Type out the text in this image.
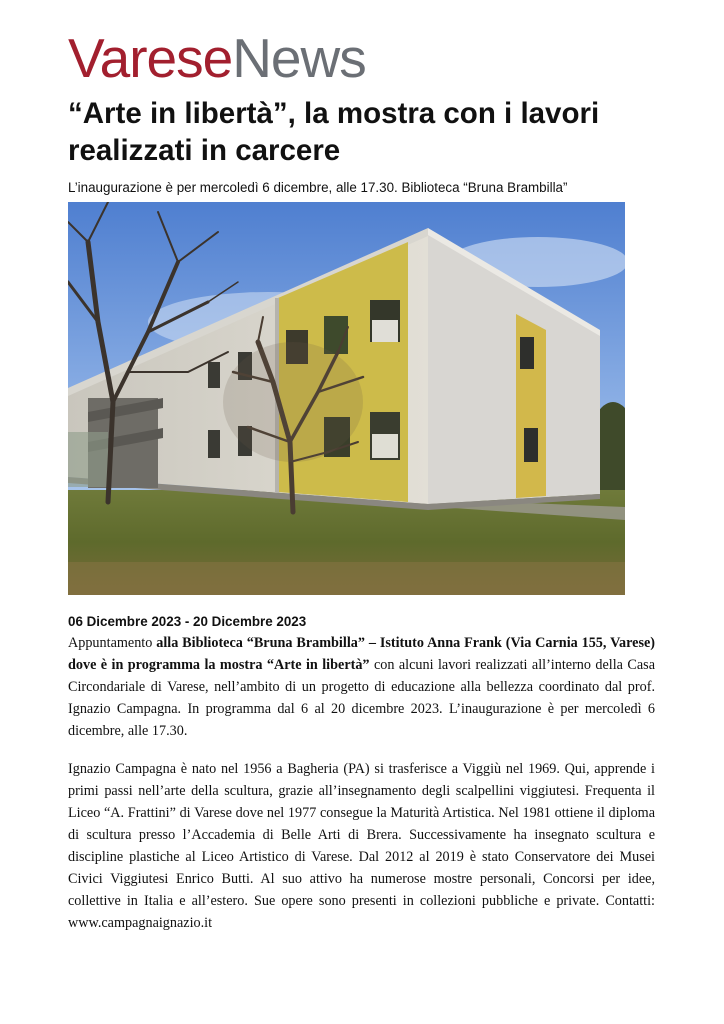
VareseNews
“Arte in libertà”, la mostra con i lavori realizzati in carcere

L’inaugurazione è per mercoledì 6 dicembre, alle 17.30. Biblioteca “Bruna Brambilla”

06 Dicembre 2023 - 20 Dicembre 2023

Appuntamento alla Biblioteca “Bruna Brambilla” – Istituto Anna Frank (Via Carnia 155, Varese) dove è in programma la mostra “Arte in libertà” con alcuni lavori realizzati all’interno della Casa Circondariale di Varese, nell’ambito di un progetto di educazione alla bellezza coordinato dal prof. Ignazio Campagna. In programma dal 6 al 20 dicembre 2023. L’inaugurazione è per mercoledì 6 dicembre, alle 17.30.

Ignazio Campagna è nato nel 1956 a Bagheria (PA) si trasferisce a Viggiù nel 1969. Qui, apprende i primi passi nell’arte della scultura, grazie all’insegnamento degli scalpellini viggiutesi. Frequenta il Liceo “A. Frattini” di Varese dove nel 1977 consegue la Maturità Artistica. Nel 1981 ottiene il diploma di scultura presso l’Accademia di Belle Arti di Brera. Successivamente ha insegnato scultura e discipline plastiche al Liceo Artistico di Varese. Dal 2012 al 2019 è stato Conservatore dei Musei Civici Viggiutesi Enrico Butti. Al suo attivo ha numerose mostre personali, Concorsi per idee, collettive in Italia e all’estero. Sue opere sono presenti in collezioni pubbliche e private. Contatti: www.campagnaignazio.it
